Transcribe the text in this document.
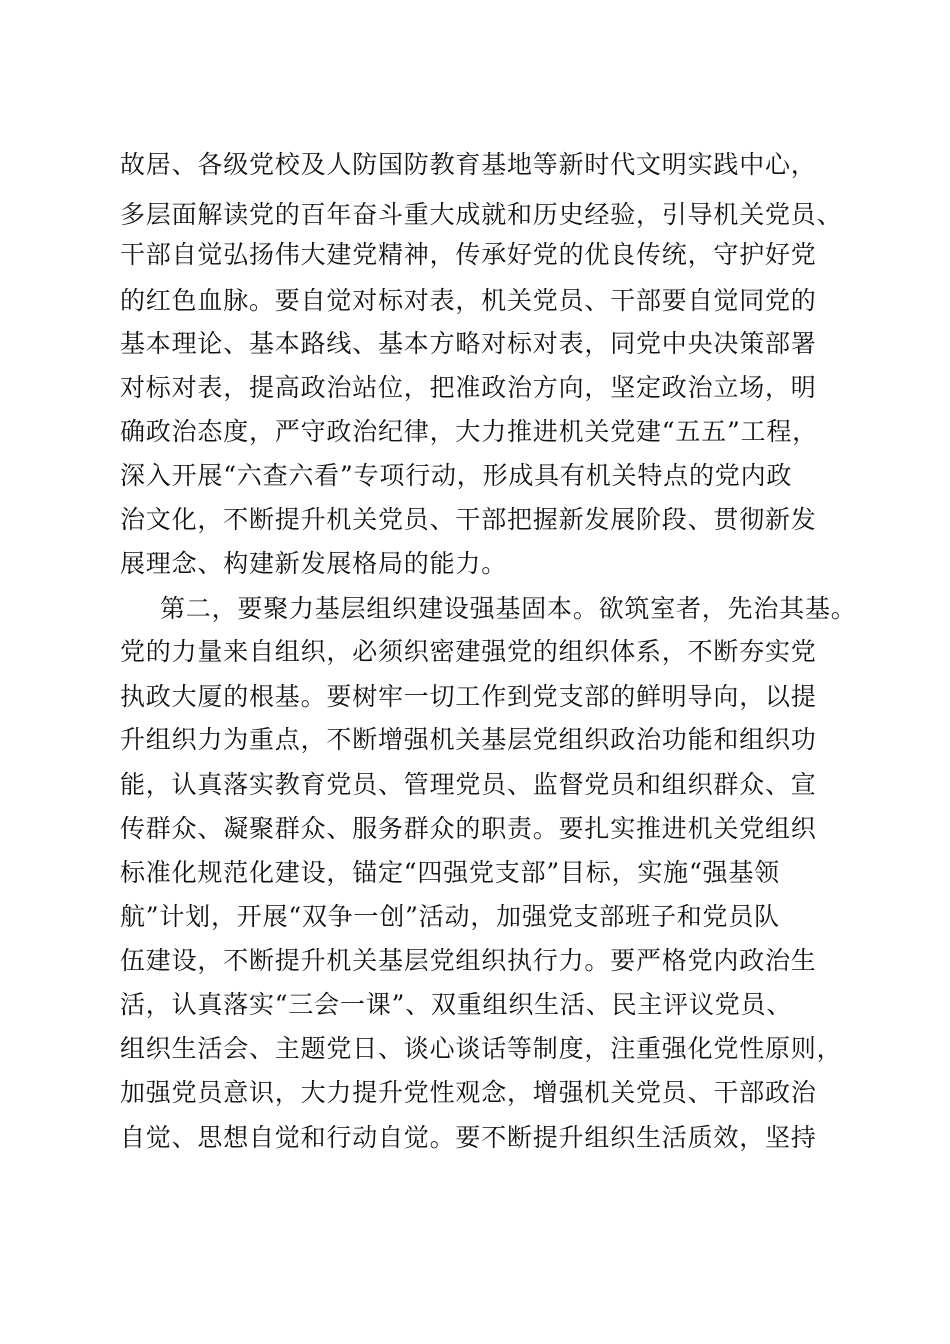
故居、各级党校及人防国防教育基地等新时代文明实践中心，
多层面解读党的百年奋斗重大成就和历史经验，引导机关党员、
干部自觉弘扬伟大建党精神，传承好党的优良传统，守护好党
的红色血脉。要自觉对标对表，机关党员、干部要自觉同党的
基本理论、基本路线、基本方略对标对表，同党中央决策部署
对标对表，提高政治站位，把准政治方向，坚定政治立场，明
确政治态度，严守政治纪律，大力推进机关党建“五五”工程，
深入开展“六查六看”专项行动，形成具有机关特点的党内政
治文化，不断提升机关党员、干部把握新发展阶段、贯彻新发
展理念、构建新发展格局的能力。
第二，要聚力基层组织建设强基固本。欲筑室者，先治其基。
党的力量来自组织，必须织密建强党的组织体系，不断夯实党
执政大厦的根基。要树牢一切工作到党支部的鲜明导向，以提
升组织力为重点，不断增强机关基层党组织政治功能和组织功
能，认真落实教育党员、管理党员、监督党员和组织群众、宣
传群众、凝聚群众、服务群众的职责。要扎实推进机关党组织
标准化规范化建设，锚定“四强党支部”目标，实施“强基领
航”计划，开展“双争一创”活动，加强党支部班子和党员队
伍建设，不断提升机关基层党组织执行力。要严格党内政治生
活，认真落实“三会一课”、双重组织生活、民主评议党员、
组织生活会、主题党日、谈心谈话等制度，注重强化党性原则，
加强党员意识，大力提升党性观念，增强机关党员、干部政治
自觉、思想自觉和行动自觉。要不断提升组织生活质效，坚持
